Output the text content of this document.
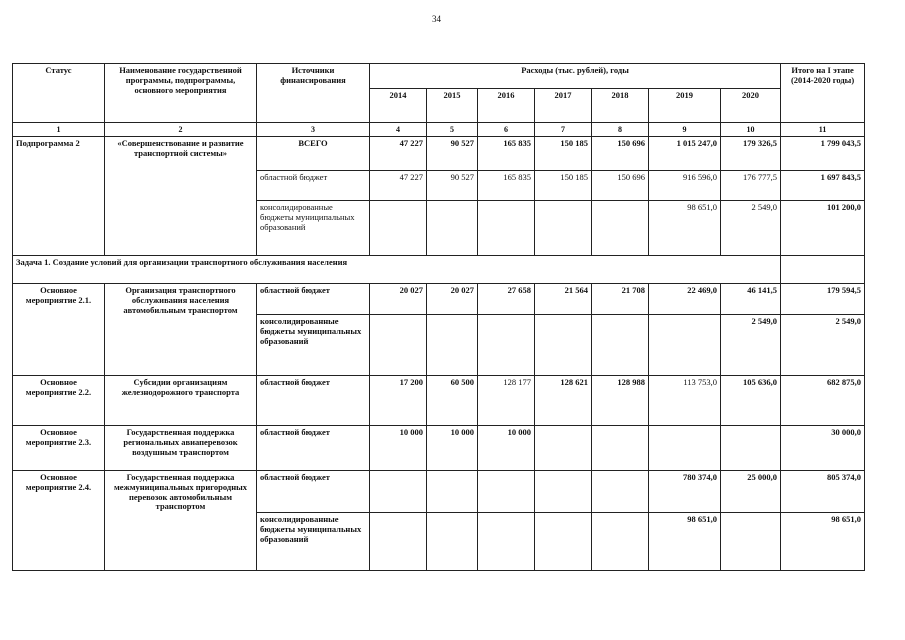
34
Статус	Наименование государственной программы, подпрограммы, основного мероприятия	Источники финансирования	Расходы (тыс. рублей), годы							Итого на I этапе (2014-2020 годы)
			2014	2015	2016	2017	2018	2019	2020	
1	2	3	4	5	6	7	8	9	10	11
Подпрограмма 2	«Совершенствование и развитие транспортной системы»	ВСЕГО	47 227	90 527	165 835	150 185	150 696	1 015 247,0	179 326,5	1 799 043,5
		областной бюджет	47 227	90 527	165 835	150 185	150 696	916 596,0	176 777,5	1 697 843,5
		консолидированные бюджеты муниципальных образований						98 651,0	2 549,0	101 200,0
Задача 1. Создание условий для организации транспортного обслуживания населения										
Основное мероприятие 2.1.	Организация транспортного обслуживания населения автомобильным транспортом	областной бюджет	20 027	20 027	27 658	21 564	21 708	22 469,0	46 141,5	179 594,5
		консолидированные бюджеты муниципальных образований							2 549,0	2 549,0
Основное мероприятие 2.2.	Субсидии организациям железнодорожного транспорта	областной бюджет	17 200	60 500	128 177	128 621	128 988	113 753,0	105 636,0	682 875,0
Основное мероприятие 2.3.	Государственная поддержка региональных авиаперевозок воздушным транспортом	областной бюджет	10 000	10 000	10 000					30 000,0
Основное мероприятие 2.4.	Государственная поддержка межмуниципальных пригородных перевозок автомобильным транспортом	областной бюджет						780 374,0	25 000,0	805 374,0
		консолидированные бюджеты муниципальных образований						98 651,0		98 651,0
